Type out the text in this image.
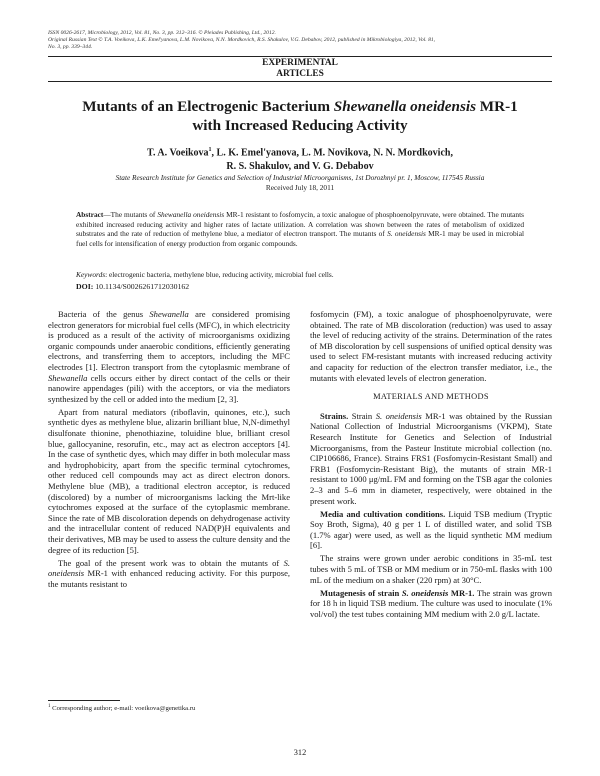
ISSN 0026-2617, Microbiology, 2012, Vol. 81, No. 3, pp. 312–316. © Pleiades Publishing, Ltd., 2012.
Original Russian Text © T.A. Voeikova, L.K. Emel'yanova, L.M. Novikova, N.N. Mordkovich, R.S. Shakulov, V.G. Debabov, 2012, published in Mikrobiologiya, 2012, Vol. 81,
No. 3, pp. 339–344.
EXPERIMENTAL
ARTICLES
Mutants of an Electrogenic Bacterium Shewanella oneidensis MR-1
with Increased Reducing Activity
T. A. Voeikova$^1$, L. K. Emel'yanova, L. M. Novikova, N. N. Mordkovich,
R. S. Shakulov, and V. G. Debabov
State Research Institute for Genetics and Selection of Industrial Microorganisms, 1st Dorozhnyi pr. 1, Moscow, 117545 Russia
Received July 18, 2011
Abstract—The mutants of Shewanella oneidensis MR-1 resistant to fosfomycin, a toxic analogue of phosphoenolpyruvate, were obtained. The mutants exhibited increased reducing activity and higher rates of lactate utilization. A correlation was shown between the rates of metabolism of oxidized substrates and the rate of reduction of methylene blue, a mediator of electron transport. The mutants of S. oneidensis MR-1 may be used in microbial fuel cells for intensification of energy production from organic compounds.
Keywords: electrogenic bacteria, methylene blue, reducing activity, microbial fuel cells.
DOI: 10.1134/S0026261712030162

Bacteria of the genus Shewanella are considered promising electron generators for microbial fuel cells (MFC), in which electricity is produced as a result of the activity of microorganisms oxidizing organic compounds under anaerobic conditions, efficiently generating electrons, and transferring them to acceptors, including the MFC electrodes [1]. Electron transport from the cytoplasmic membrane of Shewanella cells occurs either by direct contact of the cells or their nanowire appendages (pili) with the acceptors, or via the mediators synthesized by the cell or added into the medium [2, 3].

Apart from natural mediators (riboflavin, quinones, etc.), such synthetic dyes as methylene blue, alizarin brilliant blue, N,N-dimethyl disulfonate thionine, phenothiazine, toluidine blue, brilliant cresol blue, gallocyanine, resorufin, etc., may act as electron acceptors [4]. In the case of synthetic dyes, which may differ in both molecular mass and hydrophobicity, apart from the specific terminal cytochromes, other reduced cell compounds may act as direct electron donors. Methylene blue (MB), a traditional electron acceptor, is reduced (discolored) by a number of microorganisms lacking the Mrt-like cytochromes exposed at the surface of the cytoplasmic membrane. Since the rate of MB discoloration depends on dehydrogenase activity and the intracellular content of reduced NAD(P)H equivalents and their derivatives, MB may be used to assess the culture density and the degree of its reduction [5].

The goal of the present work was to obtain the mutants of S. oneidensis MR-1 with enhanced reducing activity. For this purpose, the mutants resistant to

$^1$ Corresponding author; e-mail: voeikova@genetika.ru

fosfomycin (FM), a toxic analogue of phosphoenolpyruvate, were obtained. The rate of MB discoloration (reduction) was used to assay the level of reducing activity of the strains. Determination of the rates of MB discoloration by cell suspensions of unified optical density was used to select FM-resistant mutants with increased reducing activity and capacity for reduction of the electron transfer mediator, i.e., the mutants with elevated levels of electron generation.

MATERIALS AND METHODS

Strains. Strain S. oneidensis MR-1 was obtained by the Russian National Collection of Industrial Microorganisms (VKPM), State Research Institute for Genetics and Selection of Industrial Microorganisms, from the Pasteur Institute microbial collection (no. CIP106686, France). Strains FRS1 (Fosfomycin-Resistant Small) and FRB1 (Fosfomycin-Resistant Big), the mutants of strain MR-1 resistant to 1000 μg/mL FM and forming on the TSB agar the colonies 2–3 and 5–6 mm in diameter, respectively, were obtained in the present work.

Media and cultivation conditions. Liquid TSB medium (Tryptic Soy Broth, Sigma), 40 g per 1 L of distilled water, and solid TSB (1.7% agar) were used, as well as the liquid synthetic MM medium [6].

The strains were grown under aerobic conditions in 35-mL test tubes with 5 mL of TSB or MM medium or in 750-mL flasks with 100 mL of the medium on a shaker (220 rpm) at 30°C.

Mutagenesis of strain S. oneidensis MR-1. The strain was grown for 18 h in liquid TSB medium. The culture was used to inoculate (1% vol/vol) the test tubes containing MM medium with 2.0 g/L lactate.

312
